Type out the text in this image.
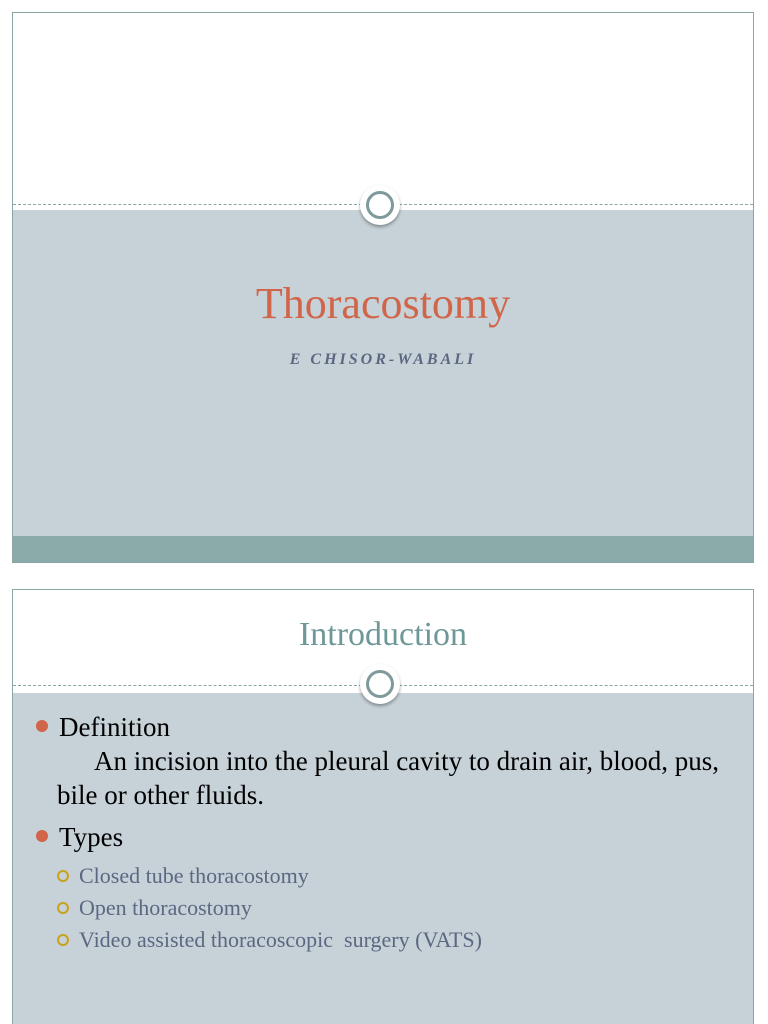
Thoracostomy
E CHISOR-WABALI
Introduction
Definition
An incision into the pleural cavity to drain air, blood, pus, bile or other fluids.
Types
Closed tube thoracostomy
Open thoracostomy
Video assisted thoracoscopic  surgery (VATS)
